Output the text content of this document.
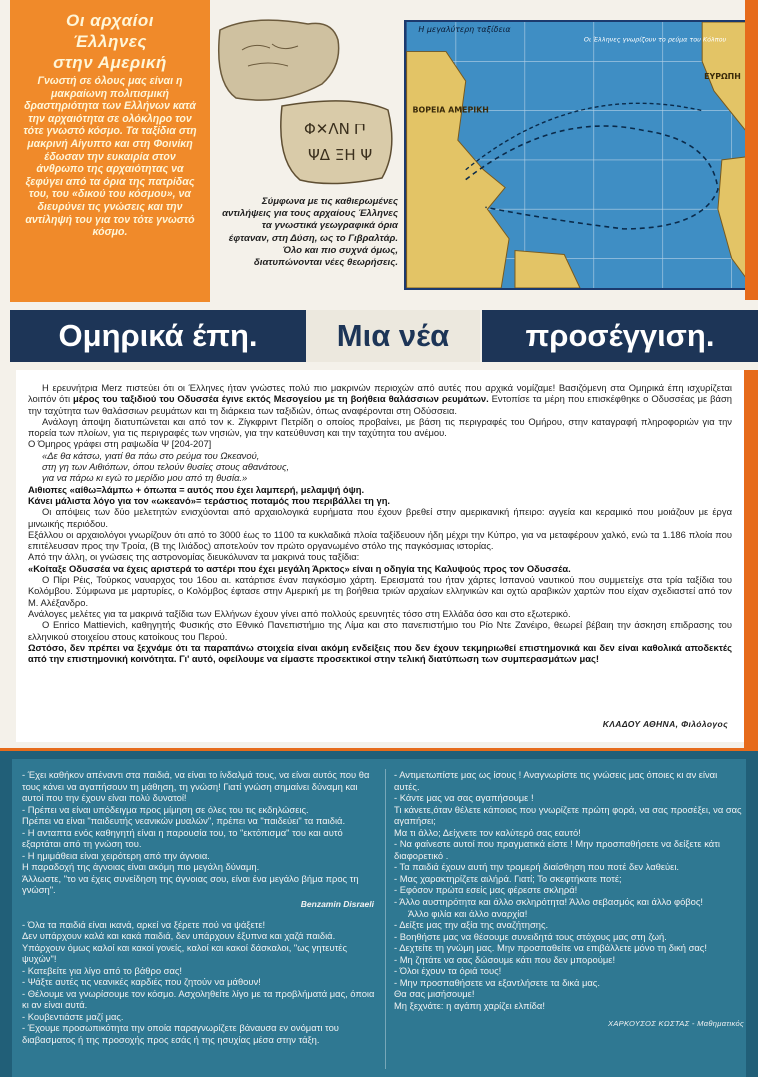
Οι αρχαίοι
Έλληνες
στην Αμερική
Γνωστή σε όλους μας είναι η μακραίωνη πολιτισμική δραστηριότητα των Ελλήνων κατά την αρχαιότητα σε ολόκληρο τον τότε γνωστό κόσμο. Τα ταξίδια στη μακρινή Αίγυπτο και στη Φοινίκη έδωσαν την ευκαιρία στον άνθρωπο της αρχαιότητας να ξεφύγει από τα όρια της πατρίδας του, του «δικού του κόσμου», να διευρύνει τις γνώσεις και την αντίληψή του για τον τότε γνωστό κόσμο.
Φ✕ΛΝ 𐅃
ΨΔ ΞΗ Ψ
Η μεγαλύτερη ταξίδεια
ΒΟΡΕΙΑ ΑΜΕΡΙΚΗ
ΕΥΡΩΠΗ
Οι Έλληνες γνωρίζουν το ρεύμα του Κόλπου
Σύμφωνα με τις καθιερωμένες αντιλήψεις για τους αρχαίους Έλληνες τα γνωστικά γεωγραφικά όρια έφταναν, στη Δύση, ως το Γιβραλτάρ. Όλο και πιο συχνά όμως, διατυπώνονται νέες θεωρήσεις.
Ομηρικά έπη.	Μια νέα	προσέγγιση.

Η ερευνήτρια Merz πιστεύει ότι οι Έλληνες ήταν γνώστες πολύ πιο μακρινών περιοχών από αυτές που αρχικά νομίζαμε! Βασιζόμενη στα Ομηρικά έπη ισχυρίζεται λοιπόν ότι μέρος του ταξιδιού του Οδυσσέα έγινε εκτός Μεσογείου με τη βοήθεια θαλάσσιων ρευμάτων. Εντοπίσε τα μέρη που επισκέφθηκε ο Οδυσσέας με βάση την ταχύτητα των θαλάσσιων ρευμάτων και τη διάρκεια των ταξιδιών, όπως αναφέρονται στη Οδύσσεια.

Ανάλογη άποψη διατυπώνεται και από τον κ. Ζίγκφριντ Πετρίδη ο οποίος προβαίνει, με βάση τις περιγραφές του Ομήρου, στην καταγραφή πληροφοριών για την πορεία των πλοίων, για τις περιγραφές των νησιών, για την κατεύθυνση και την ταχύτητα του ανέμου.

Ο Όμηρος γράφει στη ραψωδία Ψ [204-207]

«Δε θα κάτσω, γιατί θα πάω στο ρεύμα του Ωκεανού,

στη γη των Αιθιόπων, όπου τελούν θυσίες στους αθανάτους,

για να πάρω κι εγώ το μερίδιο μου από τη θυσία.»

Αιθιοπες «αίθω=λάμπω + όπωπα = αυτός που έχει λαμπερή, μελαμψή όψη.

Κάνει μάλιστα λόγο για τον «ωκεανό»= τεράστιος ποταμός που περιβάλλει τη γη.

Οι απόψεις των δύο μελετητών ενισχύονται από αρχαιολογικά ευρήματα που έχουν βρεθεί στην αμερικανική ήπειρο: αγγεία και κεραμικό που μοιάζουν με έργα μινωικής περιόδου.

Εξάλλου οι αρχαιολόγοι γνωρίζουν ότι από το 3000 έως το 1100 τα κυκλαδικά πλοία ταξίδευουν ήδη μέχρι την Κύπρο, για να μεταφέρουν χαλκό, ενώ τα 1.186 πλοία που επιτέλευσαν προς την Τροία, (Β της Ιλιάδος) αποτελούν τον πρώτο οργανωμένο στόλο της παγκόσμιας ιστορίας.

Από την άλλη, οι γνώσεις της αστρονομίας διευκόλυναν τα μακρινά τους ταξίδια:

«Κοίταξε Οδυσσέα να έχεις αριστερά το αστέρι που έχει μεγάλη Άρκτος» είναι η οδηγία της Καλυψούς προς τον Οδυσσέα.

Ο Πίρι Ρέις, Τούρκος ναυαρχος του 16ου αι. κατάρτισε έναν παγκόσμιο χάρτη. Ερεισματά του ήταν χάρτες Ισπανού ναυτικού που συμμετείχε στα τρία ταξίδια του Κολόμβου. Σύμφωνα με μαρτυρίες, ο Κολόμβος έφτασε στην Αμερική με τη βοήθεια τριών αρχαίων ελληνικών και οχτώ αραβικών χαρτών που είχαν σχεδιαστεί από τον Μ. Αλέξανδρο.

Ανάλογες μελέτες για τα μακρινά ταξίδια των Ελλήνων έχουν γίνει από πολλούς ερευνητές τόσο στη Ελλάδα όσο και στο εξωτερικό.

Ο Enrico Mattievich, καθηγητής Φυσικής στο Εθνικό Πανεπιστήμιο της Λίμα και στο πανεπιστήμιο του Ρίο Ντε Ζανέιρο, θεωρεί βέβαιη την άσκηση επιδρασης του ελληνικού στοιχείου στους κατοίκους του Περού.

Ωστόσο, δεν πρέπει να ξεχνάμε ότι τα παραπάνω στοιχεία είναι ακόμη ενδείξεις που δεν έχουν τεκμηριωθεί επιστημονικά και δεν είναι καθολικά αποδεκτές από την επιστημονική κοινότητα. Γι' αυτό, οφείλουμε να είμαστε προσεκτικοί στην τελική διατύπωση των συμπερασμάτων μας!

ΚΛΑΔΟΥ ΑΘΗΝΑ, Φιλόλογος

- Έχει καθήκον απέναντι στα παιδιά, να είναι το ίνδαλμά τους, να είναι αυτός που θα τους κάνει να αγαπήσουν τη μάθηση, τη γνώση! Γιατί γνώση σημαίνει δύναμη και αυτοί που την έχουν είναι πολύ δυνατοί!

- Πρέπει να είναι υπόδειγμα προς μίμηση σε όλες του τις εκδηλώσεις.

Πρέπει να είναι "παιδευτής νεανικών μυαλών", πρέπει να "παιδεύει" τα παιδιά.

- Η ανταπτα ενός καθηγητή είναι η παρουσία του, το "εκτόπισμα" του και αυτό εξαρτάται από τη γνώση του.

- Η ημιμάθεια είναι χειρότερη από την άγνοια.

Η παραδοχή της άγνοιας είναι ακόμη πιο μεγάλη δύναμη.

Άλλωστε, "το να έχεις συνείδηση της άγνοιας σου, είναι ένα μεγάλο βήμα προς τη γνώση".

Benzamin Disraeli

- Όλα τα παιδιά είναι ικανά, αρκεί να ξέρετε πού να ψάξετε!

Δεν υπάρχουν καλά και κακά παιδιά, δεν υπάρχουν έξυπνα και χαζά παιδιά.

Υπάρχουν όμως καλοί και κακοί γονείς, καλοί και κακοί δάσκαλοι, "ως γητευτές ψυχών"!

- Κατεβείτε για λίγο από το βάθρο σας!

- Ψάξτε αυτές τις νεανικές καρδιές που ζητούν να μάθουν!

- Θέλουμε να γνωρίσουμε τον κόσμο. Ασχοληθείτε λίγο με τα προβλήματά μας, όποια κι αν είναι αυτά.

- Κουβεντιάστε μαζί μας.

- Έχουμε προσωπικότητα την οποία παραγνωρίζετε βάναυσα εν ονόματι του διαβασματος ή της προσοχής προς εσάς ή της ησυχίας μέσα στην τάξη.

- Αντιμετωπίστε μας ως ίσους ! Αναγνωρίστε τις γνώσεις μας όποιες κι αν είναι αυτές.

- Κάντε μας να σας αγαπήσουμε !

Τι κάνετε,όταν θέλετε κάποιος που γνωρίζετε πρώτη φορά, να σας προσέξει, να σας αγαπήσει;

Μα τι άλλο; Δείχνετε τον καλύτερό σας εαυτό!

- Να φαίνεστε αυτοί που πραγματικά είστε ! Μην προσπαθήσετε να δείξετε κάτι διαφορετικό .

- Τα παιδιά έχουν αυτή την τρομερή διαίσθηση που ποτέ δεν λαθεύει.

- Μας χαρακτηρίζετε αιλήρά. Γιατί; Το σκεφτήκατε ποτέ;

- Εφόσον πρώτα εσείς μας φέρεστε σκληρά!

- Άλλο αυστηρότητα και άλλο σκληρότητα! Άλλο σεβασμός και άλλο φόβος!

Άλλο φιλία και άλλο αναρχία!

- Δείξτε μας την αξία της αναζήτησης.

- Βοηθήστε μας να θέσουμε συνειδητά τους στόχους μας στη ζωή.

- Δεχτείτε τη γνώμη μας. Μην προσπαθείτε να επιβάλλετε μόνο τη δική σας!

- Μη ζητάτε να σας δώσουμε κάτι που δεν μπορούμε!

- Όλοι έχουν τα όριά τους!

- Μην προσπαθήσετε να εξαντλήσετε τα δικά μας.

Θα σας μισήσουμε!

Μη ξεχνάτε: η αγάπη χαρίζει ελπίδα!

ΧΑΡΚΟΥΣΟΣ ΚΩΣΤΑΣ - Μαθηματικός
